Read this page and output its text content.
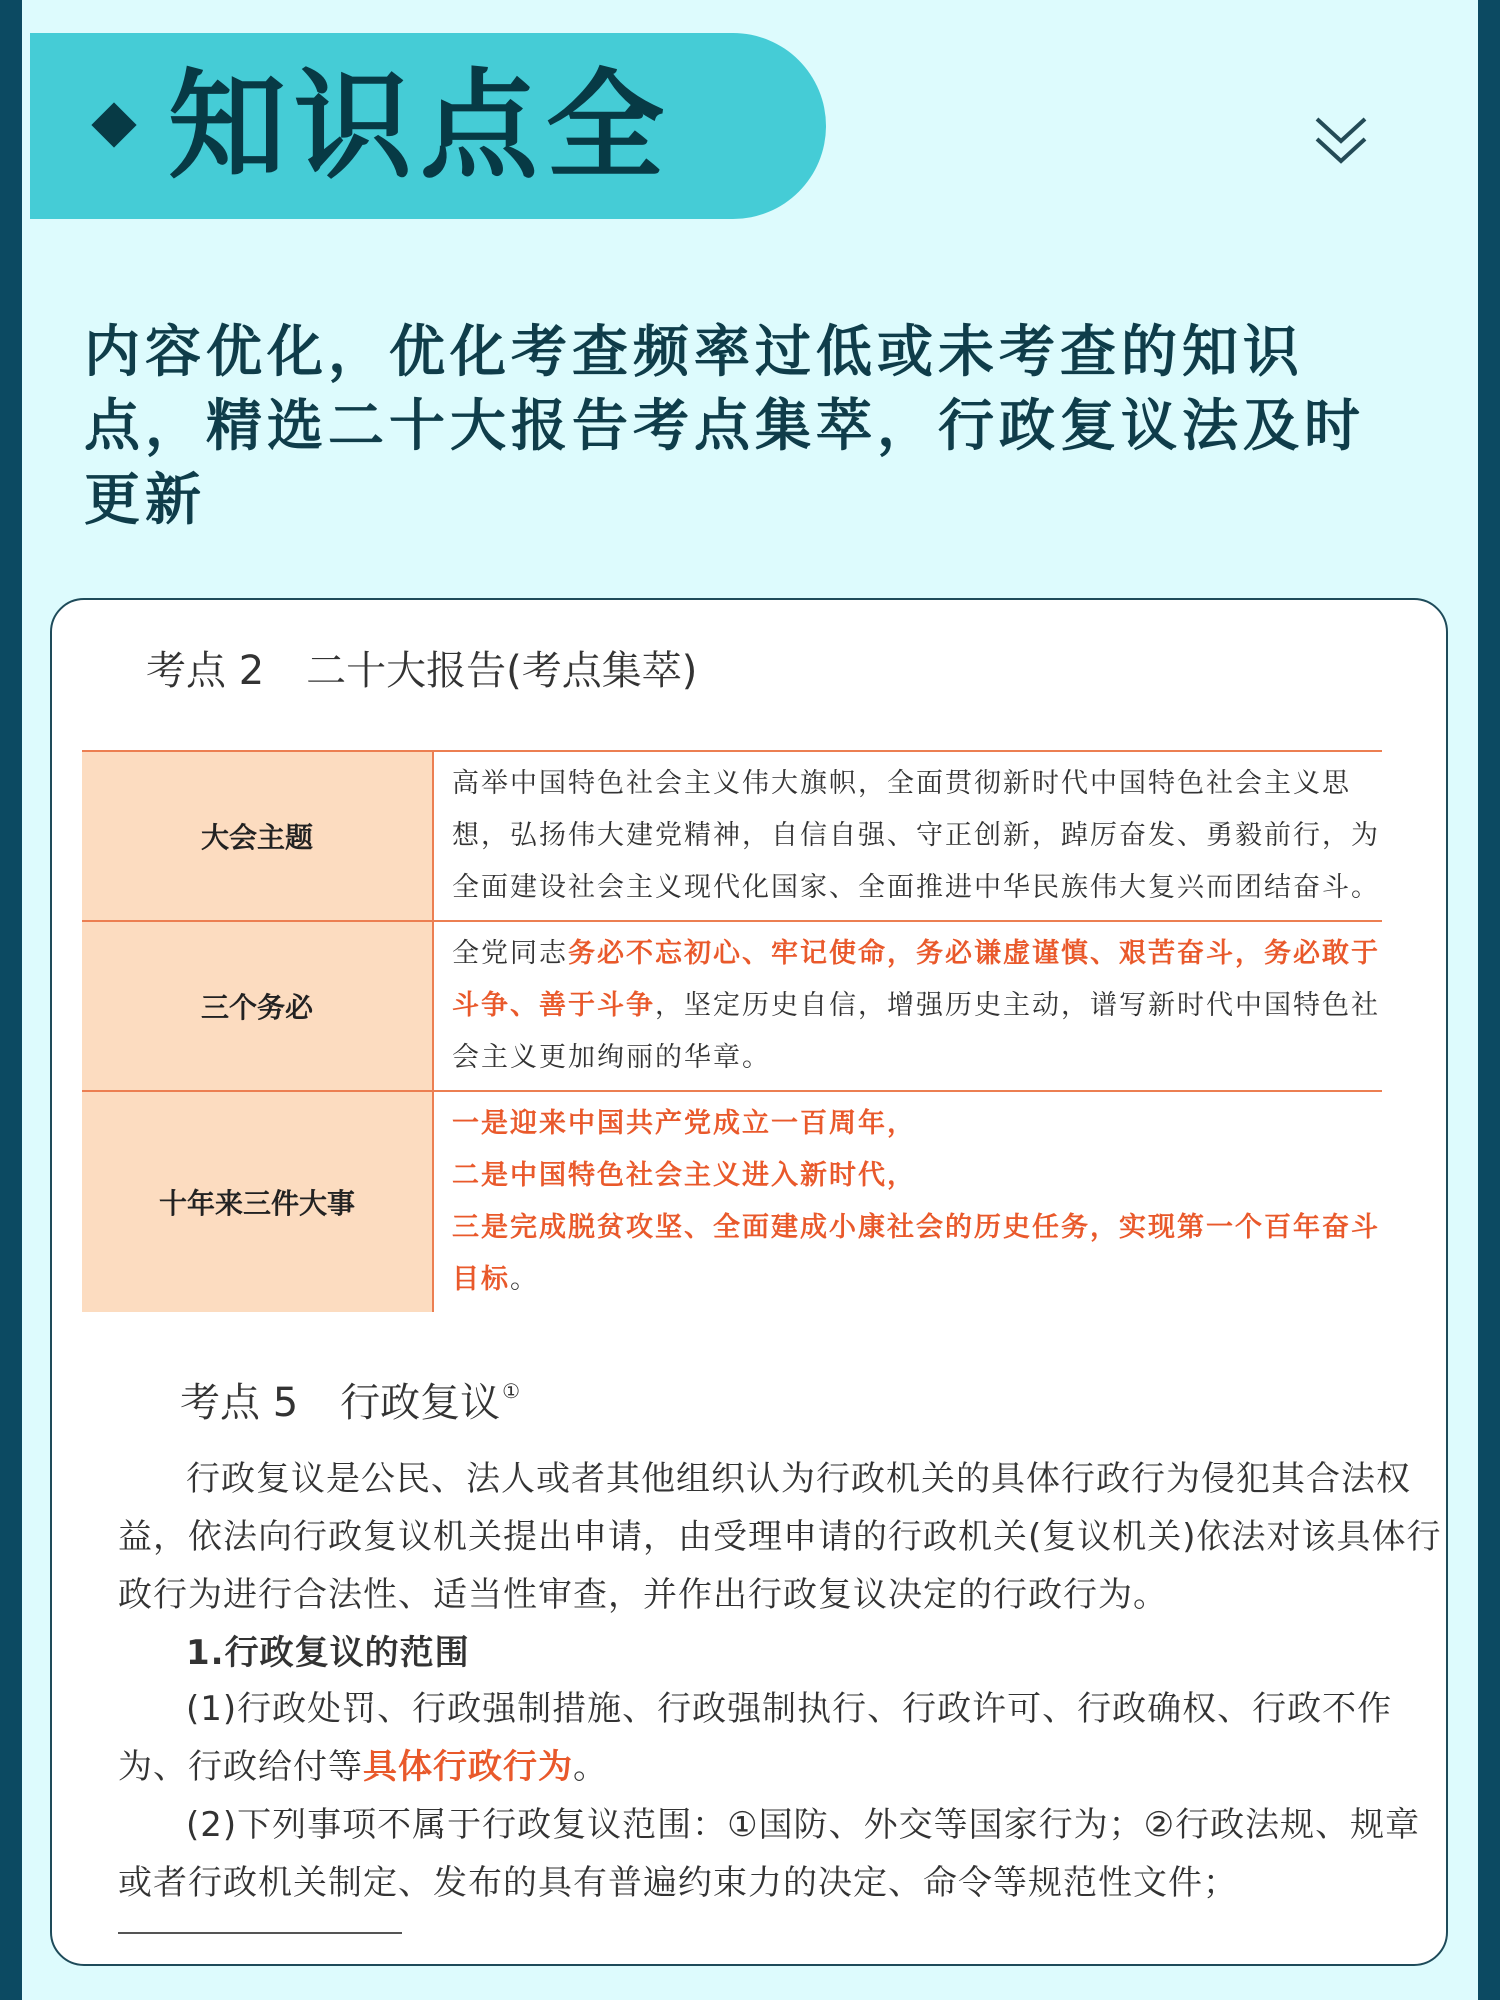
知识点全
内容优化，优化考查频率过低或未考查的知识点，精选二十大报告考点集萃，行政复议法及时更新
考点 2 二十大报告(考点集萃)
大会主题	高举中国特色社会主义伟大旗帜，全面贯彻新时代中国特色社会主义思想，弘扬伟大建党精神，自信自强、守正创新，踔厉奋发、勇毅前行，为全面建设社会主义现代化国家、全面推进中华民族伟大复兴而团结奋斗。
三个务必	全党同志务必不忘初心、牢记使命，务必谦虚谨慎、艰苦奋斗，务必敢于斗争、善于斗争，坚定历史自信，增强历史主动，谱写新时代中国特色社会主义更加绚丽的华章。
十年来三件大事	一是迎来中国共产党成立一百周年，
二是中国特色社会主义进入新时代，
三是完成脱贫攻坚、全面建成小康社会的历史任务，实现第一个百年奋斗目标。
考点 5 行政复议 ①
行政复议是公民、法人或者其他组织认为行政机关的具体行政行为侵犯其合法权益，依法向行政复议机关提出申请，由受理申请的行政机关(复议机关)依法对该具体行政行为进行合法性、适当性审查，并作出行政复议决定的行政行为。
1.行政复议的范围
(1)行政处罚、行政强制措施、行政强制执行、行政许可、行政确权、行政不作为、行政给付等具体行政行为。
(2)下列事项不属于行政复议范围：①国防、外交等国家行为；②行政法规、规章或者行政机关制定、发布的具有普遍约束力的决定、命令等规范性文件；
